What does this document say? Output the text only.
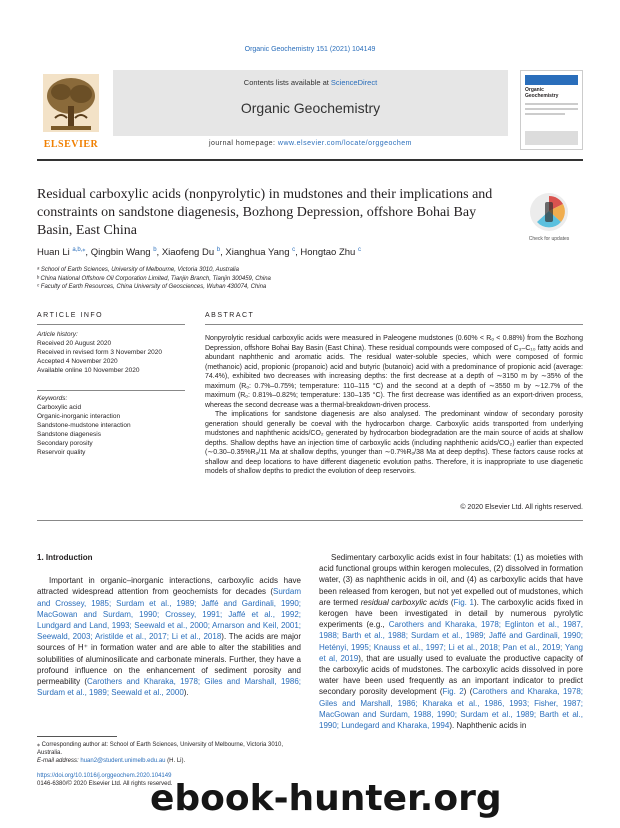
Organic Geochemistry 151 (2021) 104149
ELSEVIER
Contents lists available at ScienceDirect
Organic Geochemistry
journal homepage: www.elsevier.com/locate/orggeochem
Organic Geochemistry
Residual carboxylic acids (nonpyrolytic) in mudstones and their implications and constraints on sandstone diagenesis, Bozhong Depression, offshore Bohai Bay Basin, East China
Check for updates
Huan Li $^{a,b,⁎}$, Qingbin Wang $^b$, Xiaofeng Du $^b$, Xianghua Yang $^c$, Hongtao Zhu $^c$
ᵃ School of Earth Sciences, University of Melbourne, Victoria 3010, Australia
ᵇ China National Offshore Oil Corporation Limited, Tianjin Branch, Tianjin 300459, China
ᶜ Faculty of Earth Resources, China University of Geosciences, Wuhan 430074, China
ARTICLE INFO
Article history:
Received 20 August 2020
Received in revised form 3 November 2020
Accepted 4 November 2020
Available online 10 November 2020
Keywords:
Carboxylic acid
Organic-inorganic interaction
Sandstone-mudstone interaction
Sandstone diagenesis
Secondary porosity
Reservoir quality
ABSTRACT

Nonpyrolytic residual carboxylic acids were measured in Paleogene mudstones (0.60% < Rₒ < 0.88%) from the Bozhong Depression, offshore Bohai Bay Basin (East China). These residual compounds were composed of C₃–C₁₀ fatty acids and abundant naphthenic and aromatic acids. The residual water-soluble species, which were composed of formic (methanoic) acid, propionic (propanoic) acid and butyric (butanoic) acid with a predominance of propionic acid (average: 74.4%), exhibited two decreases with increasing depths: the first decrease at a depth of ∼3150 m by ∼35% of the maximum (Rₒ: 0.7%–0.75%; temperature: 110–115 °C) and the second at a depth of ∼3550 m by ∼12.7% of the maximum (Rₒ: 0.81%–0.82%; temperature: 130–135 °C). The first decrease was identified as an export-driven process, whereas the second decrease was a thermal-breakdown-driven process.

The implications for sandstone diagenesis are also analysed. The predominant window of secondary porosity generation should generally be coeval with the hydrocarbon charge. Carboxylic acids transported from underlying mudstones and naphthenic acids/CO₂ generated by hydrocarbon biodegradation are the main source of acids at shallow depths. Shallow depths have an injection time of carboxylic acids (including naphthenic acids/CO₂) earlier than expected (∼0.30–0.35%Rₒ/11 Ma at shallow depths, younger than ∼0.7%Rₒ/38 Ma at deep depths). These factors cause rocks at shallow and deep locations to have different diagenetic evolution paths. Therefore, it is inappropriate to use diagenetic models of shallow depths to predict the evolution of deep reservoirs.

© 2020 Elsevier Ltd. All rights reserved.
1. Introduction

Important in organic–inorganic interactions, carboxylic acids have attracted widespread attention from geochemists for decades (Surdam and Crossey, 1985; Surdam et al., 1989; Jaffé and Gardinali, 1990; MacGowan and Surdam, 1990; Crossey, 1991; Jaffé et al., 1992; Lundgard and Land, 1993; Seewald et al., 2000; Arnarson and Keil, 2001; Seewald, 2003; Aristilde et al., 2017; Li et al., 2018). The acids are major sources of H⁺ in formation water and are able to alter the stabilities and solubilities of aluminosilicate and carbonate minerals. Further, they have a profound influence on the enhancement of sediment porosity and permeability (Carothers and Kharaka, 1978; Giles and Marshall, 1986; Surdam et al., 1989; Seewald et al., 2000).

Sedimentary carboxylic acids exist in four habitats: (1) as moieties with acid functional groups within kerogen molecules, (2) dissolved in formation water, (3) as naphthenic acids in oil, and (4) as carboxylic acids that have been released from kerogen, but not yet expelled out of mudstones, which are termed residual carboxylic acids (Fig. 1). The carboxylic acids fixed in kerogen have been investigated in detail by numerous pyrolytic experiments (e.g., Carothers and Kharaka, 1978; Eglinton et al., 1987, 1988; Barth et al., 1988; Surdam et al., 1989; Jaffé and Gardinali, 1990; Hetényi, 1995; Knauss et al., 1997; Li et al., 2018; Pan et al., 2019; Yang et al, 2019), that are usually used to evaluate the productive capacity of the carboxylic acids of mudstones. The carboxylic acids dissolved in pore water have been used frequently as an important indicator to predict secondary porosity development (Fig. 2) (Carothers and Kharaka, 1978; Giles and Marshall, 1986; Kharaka et al., 1986, 1993; Fisher, 1987; MacGowan and Surdam, 1988, 1990; Surdam et al., 1989; Barth et al., 1990; Lundegard and Kharaka, 1994). Naphthenic acids in

⁎ Corresponding author at: School of Earth Sciences, University of Melbourne, Victoria 3010, Australia.
E-mail address: huan2@student.unimelb.edu.au (H. Li).
https://doi.org/10.1016/j.orggeochem.2020.104149
0146-6380/© 2020 Elsevier Ltd. All rights reserved.
ebook-hunter.org
